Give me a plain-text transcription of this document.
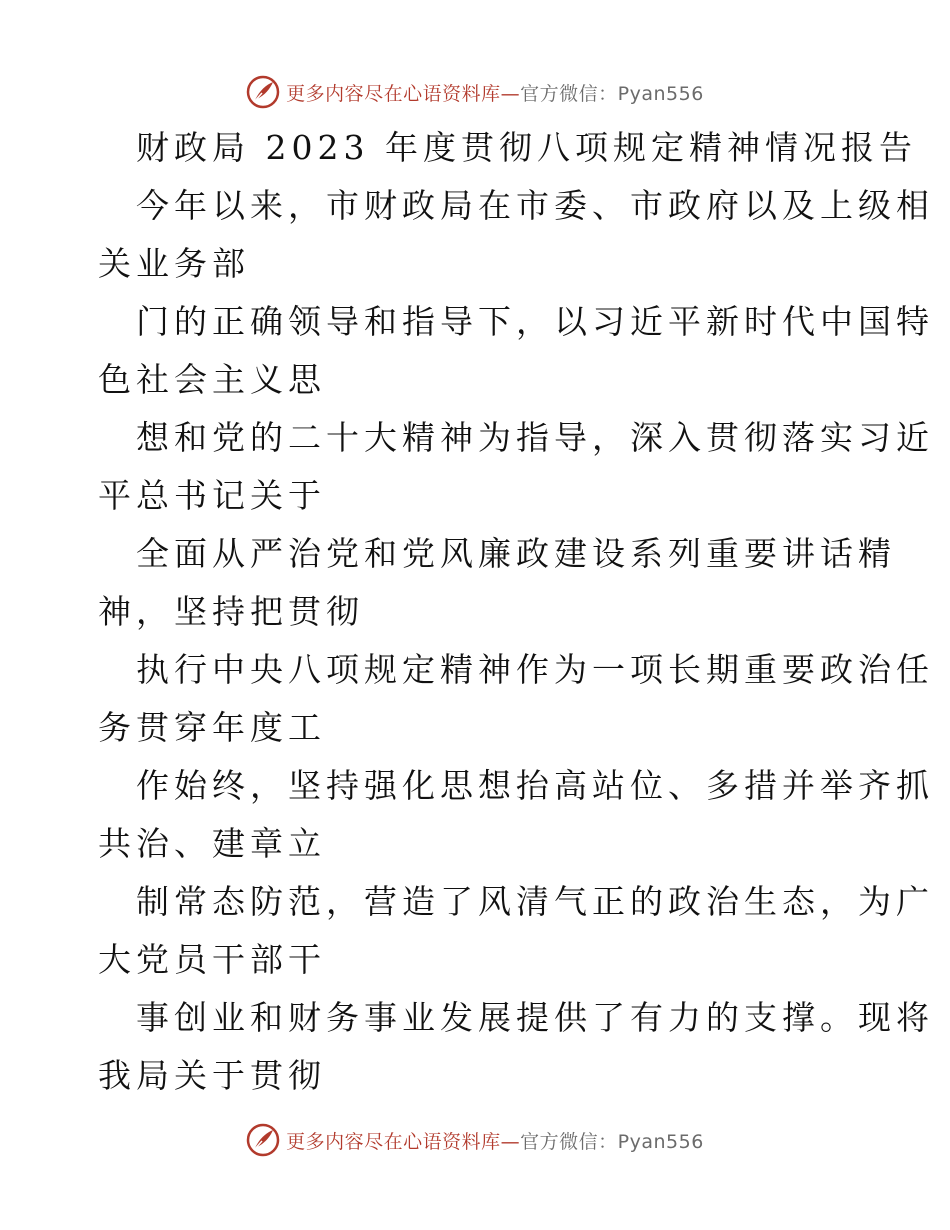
更多内容尽在心语资料库—官方微信：Pyan556
财政局 2023 年度贯彻八项规定精神情况报告
今年以来，市财政局在市委、市政府以及上级相
关业务部
门的正确领导和指导下，以习近平新时代中国特
色社会主义思
想和党的二十大精神为指导，深入贯彻落实习近
平总书记关于
全面从严治党和党风廉政建设系列重要讲话精
神，坚持把贯彻
执行中央八项规定精神作为一项长期重要政治任
务贯穿年度工
作始终，坚持强化思想抬高站位、多措并举齐抓
共治、建章立
制常态防范，营造了风清气正的政治生态，为广
大党员干部干
事创业和财务事业发展提供了有力的支撑。现将
我局关于贯彻
更多内容尽在心语资料库—官方微信：Pyan556
